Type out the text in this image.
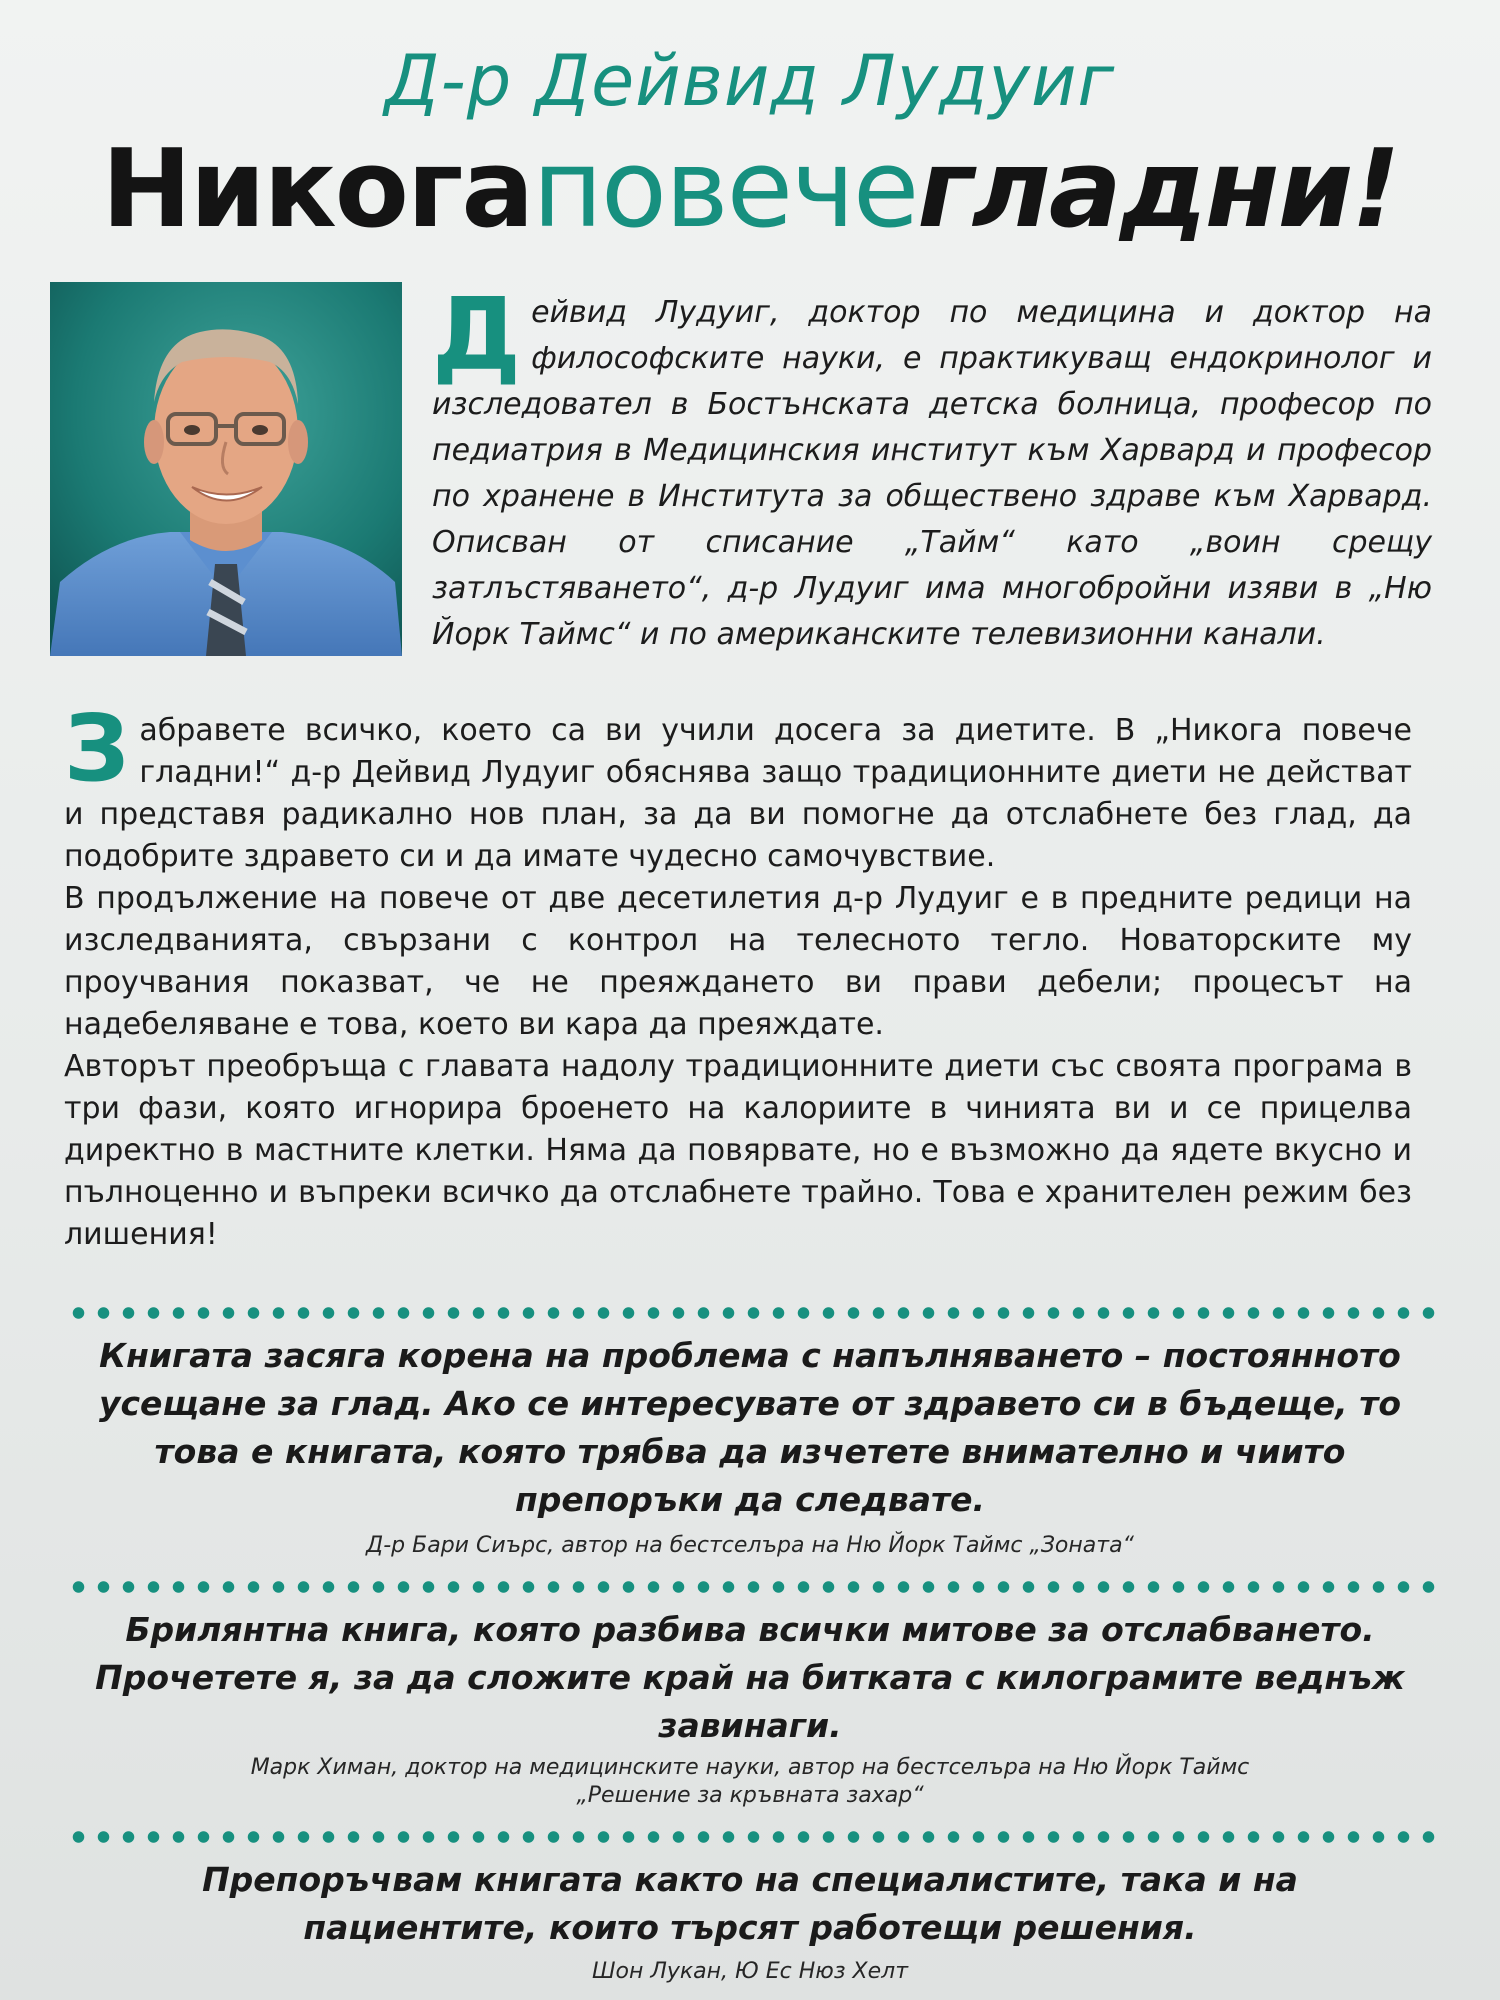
Д-р Дейвид Лудуиг
Никогаповечегладни!
Дейвид Лудуиг, доктор по медицина и доктор на философските науки, е практикуващ ендокринолог и изследовател в Бостънската детска болница, професор по педиатрия в Медицинския институт към Харвард и професор по хранене в Института за обществено здраве към Харвард. Описван от списание „Тайм“ като „воин срещу затлъстяването“, д-р Лудуиг има многобройни изяви в „Ню Йорк Таймс“ и по американските телевизионни канали.

Забравете всичко, което са ви учили досега за диетите. В „Никога повече гладни!“ д-р Дейвид Лудуиг обяснява защо традиционните диети не действат и представя радикално нов план, за да ви помогне да отслабнете без глад, да подобрите здравето си и да имате чудесно самочувствие.

В продължение на повече от две десетилетия д-р Лудуиг е в предните редици на изследванията, свързани с контрол на телесното тегло. Новаторските му проучвания показват, че не преяждането ви прави дебели; процесът на надебеляване е това, което ви кара да преяждате.

Авторът преобръща с главата надолу традиционните диети със своята програма в три фази, която игнорира броенето на калориите в чинията ви и се прицелва директно в мастните клетки. Няма да повярвате, но е възможно да ядете вкусно и пълноценно и въпреки всичко да отслабнете трайно. Това е хранителен режим без лишения!

Книгата засяга корена на проблема с напълняването – постоянното усещане за глад. Ако се интересувате от здравето си в бъдеще, то това е книгата, която трябва да изчетете внимателно и чиито препоръки да следвате.
Д-р Бари Сиърс, автор на бестселъра на Ню Йорк Таймс „Зоната“
Брилянтна книга, която разбива всички митове за отслабването. Прочетете я, за да сложите край на битката с килограмите веднъж завинаги.
Марк Химан, доктор на медицинските науки, автор на бестселъра на Ню Йорк Таймс
„Решение за кръвната захар“
Препоръчвам книгата както на специалистите, така и на пациентите, които търсят работещи решения.
Шон Лукан, Ю Ес Нюз Хелт
